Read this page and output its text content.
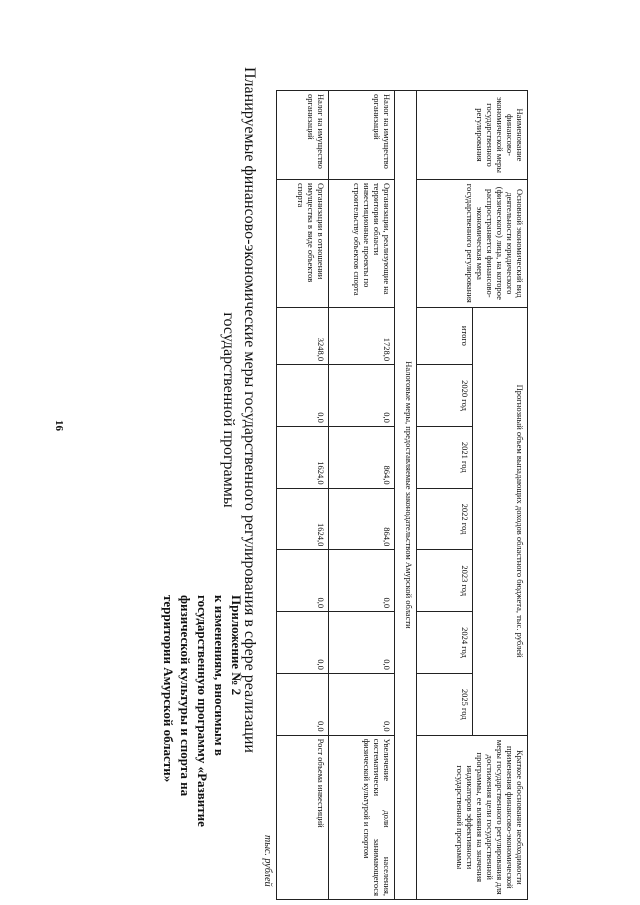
16
Приложение № 2
к изменениям, вносимым в
государственную программу «Развитие
физической культуры и спорта на
территории Амурской области»	Планируемые финансово-экономические меры государственного регулирования в сфере реализации государственной программы
тыс. рублей
Наименование финансово-экономической меры государственного регулирования	Основной экономический вид деятельности юридического (физического) лица, на которое распространяется финансово-экономическая мера государственного регулирования	Прогнозный объем выпадающих доходов областного бюджета, тыс. рублей							Краткое обоснование необходимости применения финансово-экономической меры государственного регулирования для достижения цели государственной программы, ее влияния на значения индикаторов эффективности государственной программы
		итого	2020 год	2021 год	2022 год	2023 год	2024 год	2025 год	
Налоговые меры, предоставляемые законодательством Амурской области									
Налог на имущество организаций	Организации, реализующие на территории области инвестиционные проекты по строительству объектов спорта	1728,0	0,0	864,0	864,0	0,0	0,0	0,0	Увеличение доли населения, систематически занимающегося физической культурой и спортом
Налог на имущество организаций	Организации в отношении имущества в виде объектов спорта	3248,0	0,0	1624,0	1624,0	0,0	0,0	0,0	Рост объема инвестиций
